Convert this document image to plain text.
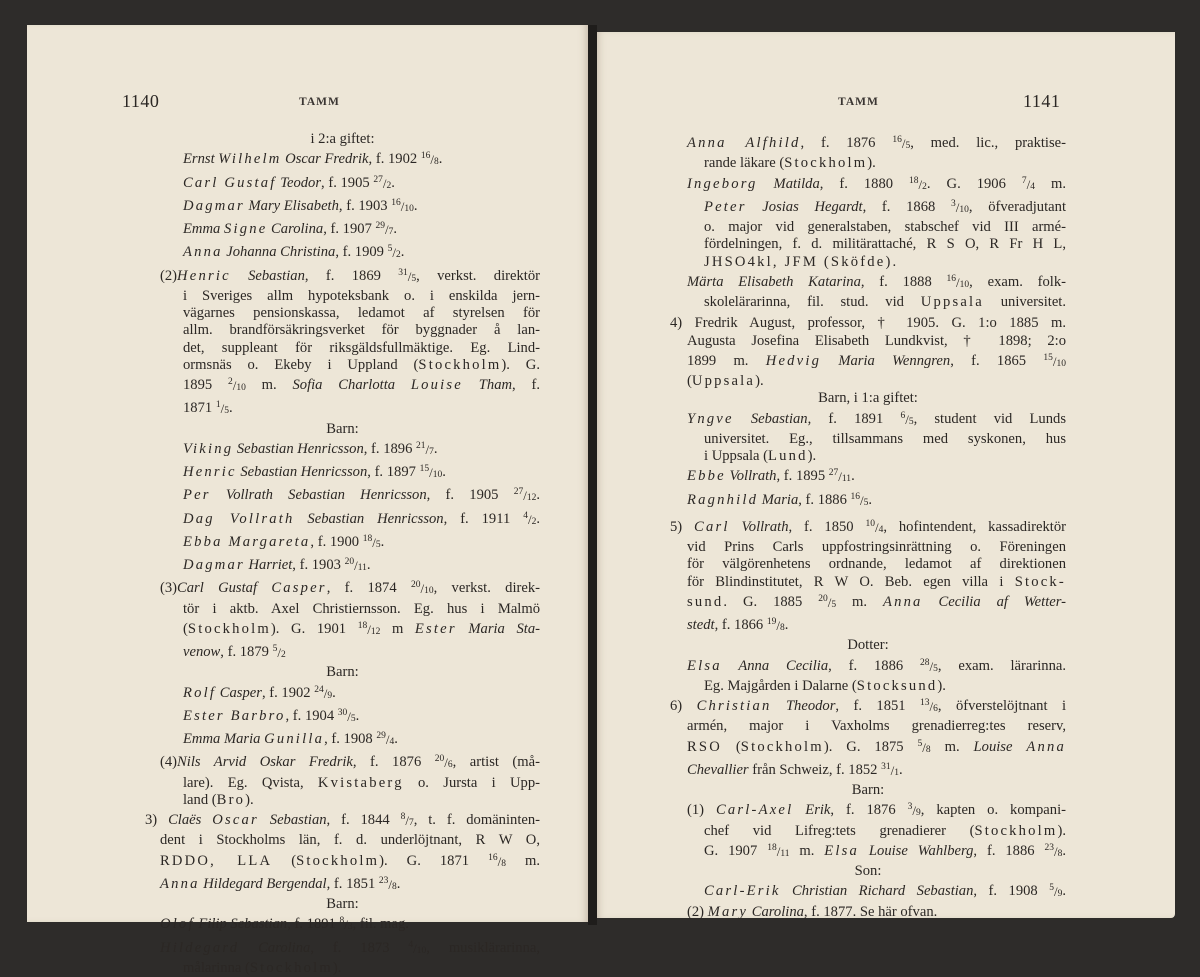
1140	TAMM	TAMM	1141
i 2:a giftet:
Ernst Wilhelm Oscar Fredrik, f. 1902 $^{16}$/ $_8$.
Carl Gustaf Teodor, f. 1905 $^{27}$/ $_2$.
Dagmar Mary Elisabeth, f. 1903 $^{16}$/ $_{10}$.
Emma Signe Carolina, f. 1907 $^{29}$/ $_7$.
Anna Johanna Christina, f. 1909 $^5$/ $_2$.
(2)Henric Sebastian, f. 1869 $^{31}$/ $_5$, verkst. direktör
i Sveriges allm hypoteksbank o. i enskilda jern-
vägarnes pensionskassa, ledamot af styrelsen för
allm. brandförsäkringsverket för byggnader å lan-
det, suppleant för riksgäldsfullmäktige. Eg. Lind-
ormsnäs o. Ekeby i Uppland (Stockholm). G.
1895 $^2$/ $_{10}$ m. Sofia Charlotta Louise Tham, f.
1871 $^1$/ $_5$.
Barn:
Viking Sebastian Henricsson, f. 1896 $^{21}$/ $_7$.
Henric Sebastian Henricsson, f. 1897 $^{15}$/ $_{10}$.
Per Vollrath Sebastian Henricsson, f. 1905 $^{27}$/ $_{12}$.
Dag Vollrath Sebastian Henricsson, f. 1911 $^4$/ $_2$.
Ebba Margareta, f. 1900 $^{18}$/ $_5$.
Dagmar Harriet, f. 1903 $^{20}$/ $_{11}$.
(3)Carl Gustaf Casper, f. 1874 $^{20}$/ $_{10}$, verkst. direk-
tör i aktb. Axel Christiernsson. Eg. hus i Malmö
(Stockholm). G. 1901 $^{18}$/ $_{12}$ m Ester Maria Sta-
venow, f. 1879 $^5$/ $_2$
Barn:
Rolf Casper, f. 1902 $^{24}$/ $_9$.
Ester Barbro, f. 1904 $^{30}$/ $_5$.
Emma Maria Gunilla, f. 1908 $^{29}$/ $_4$.
(4)Nils Arvid Oskar Fredrik, f. 1876 $^{20}$/ $_6$, artist (må-
lare). Eg. Qvista, Kvistaberg o. Jursta i Upp-
land (Bro).
3) Claës Oscar Sebastian, f. 1844 $^8$/ $_7$, t. f. domäninten-
dent i Stockholms län, f. d. underlöjtnant, R W O,
RDDO, LLA (Stockholm). G. 1871 $^{16}$/ $_8$ m.
Anna Hildegard Bergendal, f. 1851 $^{23}$/ $_8$.
Barn:
Olof Filip Sebastian, f. 1891 $^8$/ $_3$, fil. mag.
Hildegard Carolina, f. 1873 $^4$/ $_{10}$, musiklärarinna,
målarinna (Stockholm).
Anna Alfhild, f. 1876 $^{16}$/ $_5$, med. lic., praktise-
rande läkare (Stockholm).
Ingeborg Matilda, f. 1880 $^{18}$/ $_2$. G. 1906 $^7$/ $_4$ m.
Peter Josias Hegardt, f. 1868 $^3$/ $_{10}$, öfveradjutant
o. major vid generalstaben, stabschef vid III armé-
fördelningen, f. d. militärattaché, R S O, R Fr H L,
JHSO4kl, JFM (Sköfde).
Märta Elisabeth Katarina, f. 1888 $^{16}$/ $_{10}$, exam. folk-
skolelärarinna, fil. stud. vid Uppsala universitet.
4) Fredrik August, professor, † 1905. G. 1:o 1885 m.
Augusta Josefina Elisabeth Lundkvist, † 1898; 2:o
1899 m. Hedvig Maria Wenngren, f. 1865 $^{15}$/ $_{10}$
(Uppsala).
Barn, i 1:a giftet:
Yngve Sebastian, f. 1891 $^6$/ $_5$, student vid Lunds
universitet. Eg., tillsammans med syskonen, hus
i Uppsala (Lund).
Ebbe Vollrath, f. 1895 $^{27}$/ $_{11}$.
Ragnhild Maria, f. 1886 $^{16}$/ $_5$.
5) Carl Vollrath, f. 1850 $^{10}$/ $_4$, hofintendent, kassadirektör
vid Prins Carls uppfostringsinrättning o. Föreningen
för välgörenhetens ordnande, ledamot af direktionen
för Blindinstitutet, R W O. Beb. egen villa i Stock-
sund. G. 1885 $^{20}$/ $_5$ m. Anna Cecilia af Wetter-
stedt, f. 1866 $^{19}$/ $_8$.
Dotter:
Elsa Anna Cecilia, f. 1886 $^{28}$/ $_5$, exam. lärarinna.
Eg. Majgården i Dalarne (Stocksund).
6) Christian Theodor, f. 1851 $^{13}$/ $_6$, öfverstelöjtnant i
armén, major i Vaxholms grenadierreg:tes reserv,
RSO (Stockholm). G. 1875 $^5$/ $_8$ m. Louise Anna
Chevallier från Schweiz, f. 1852 $^{31}$/ $_1$.
Barn:
(1) Carl-Axel Erik, f. 1876 $^3$/ $_9$, kapten o. kompani-
chef vid Lifreg:tets grenadierer (Stockholm).
G. 1907 $^{18}$/ $_{11}$ m. Elsa Louise Wahlberg, f. 1886 $^{23}$/ $_8$.
Son:
Carl-Erik Christian Richard Sebastian, f. 1908 $^5$/ $_9$.
(2) Mary Carolina, f. 1877. Se här ofvan.
